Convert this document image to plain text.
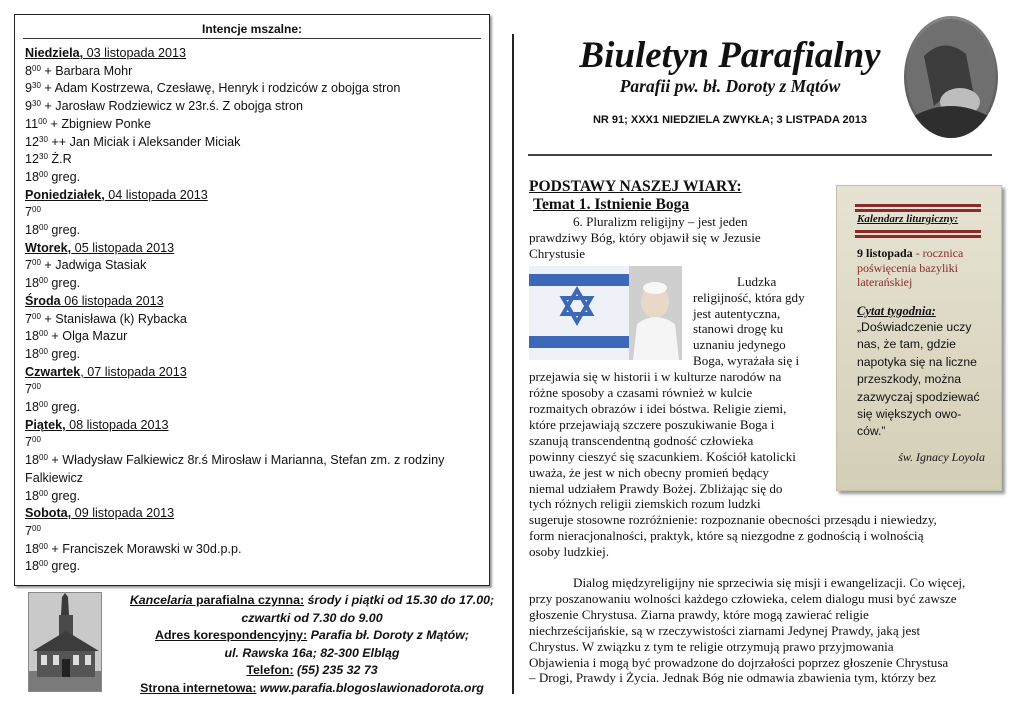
Intencje mszalne:
Niedziela, 03 listopada 2013
$8^{00}$ + Barbara Mohr
$9^{30}$ + Adam Kostrzewa, Czesławę, Henryk i rodziców z obojga stron
$9^{30}$ + Jarosław Rodziewicz w 23r.ś. Z obojga stron
$11^{00}$ + Zbigniew Ponke
$12^{30}$ ++ Jan Miciak i Aleksander Miciak
$12^{30}$ Ż.R
$18^{00}$ greg.
Poniedziałek, 04 listopada 2013
$7^{00}$
$18^{00}$ greg.
Wtorek, 05 listopada 2013
$7^{00}$ + Jadwiga Stasiak
$18^{00}$ greg.
Środa 06 listopada 2013
$7^{00}$ + Stanisława (k) Rybacka
$18^{00} + Olga$ Mazur
$18^{00}$ greg.
Czwartek, 07 listopada 2013
$7^{00}$
$18^{00}$ greg.
Piątek, 08 listopada 2013
$7^{00}$
$18^{00}$ + Władysław Falkiewicz 8r.ś Mirosław i Marianna, Stefan zm. z rodziny Falkiewicz
$18^{00}$ greg.
Sobota, 09 listopada 2013
$7^{00}$
$18^{00}$ + Franciszek Morawski w 30d.p.p.
$18^{00}$ greg.
Kancelaria parafialna czynna: środy i piątki od 15.30 do 17.00;
czwartki od 7.30 do 9.00
Adres korespondencyjny: Parafia bł. Doroty z Mątów;
ul. Rawska 16a; 82-300 Elbląg
Telefon: (55) 235 32 73
Strona internetowa: www.parafia.blogoslawionadorota.org
Biuletyn Parafialny
Parafii pw. bł. Doroty z Mątów
NR 91; XXX1 NIEDZIELA ZWYKŁA; 3 LISTPADA 2013
PODSTAWY NASZEJ WIARY:
Temat 1. Istnienie Boga
6. Pluralizm religijny – jest jeden
prawdziwy Bóg, który objawił się w Jezusie
Chrystusie
Ludzka
religijność, która gdy
jest autentyczna,
stanowi drogę ku
uznaniu jedynego
Boga, wyrażała się i
przejawia się w historii i w kulturze narodów na
różne sposoby a czasami również w kulcie
rozmaitych obrazów i idei bóstwa. Religie ziemi,
które przejawiają szczere poszukiwanie Boga i
szanują transcendentną godność człowieka
powinny cieszyć się szacunkiem. Kościół katolicki
uważa, że jest w nich obecny promień będący
niemal udziałem Prawdy Bożej. Zbliżając się do
tych różnych religii ziemskich rozum ludzki
sugeruje stosowne rozróżnienie: rozpoznanie obecności przesądu i niewiedzy,
form nieracjonalności, praktyk, które są niezgodne z godnością i wolnością
osoby ludzkiej.
Dialog międzyreligijny nie sprzeciwia się misji i ewangelizacji. Co więcej,
przy poszanowaniu wolności każdego człowieka, celem dialogu musi być zawsze
głoszenie Chrystusa. Ziarna prawdy, które mogą zawierać religie
niechrześcijańskie, są w rzeczywistości ziarnami Jedynej Prawdy, jaką jest
Chrystus. W związku z tym te religie otrzymują prawo przyjmowania
Objawienia i mogą być prowadzone do dojrzałości poprzez głoszenie Chrystusa
– Drogi, Prawdy i Życia. Jednak Bóg nie odmawia zbawienia tym, którzy bez
Kalendarz liturgiczny:
9 listopada - rocznica poświęcenia bazyliki laterańskiej
Cytat tygodnia:
„Doświadczenie uczy
nas, że tam, gdzie
napotyka się na liczne
przeszkody, można
zazwyczaj spodziewać
się większych owo-
ców.”
św. Ignacy Loyola
